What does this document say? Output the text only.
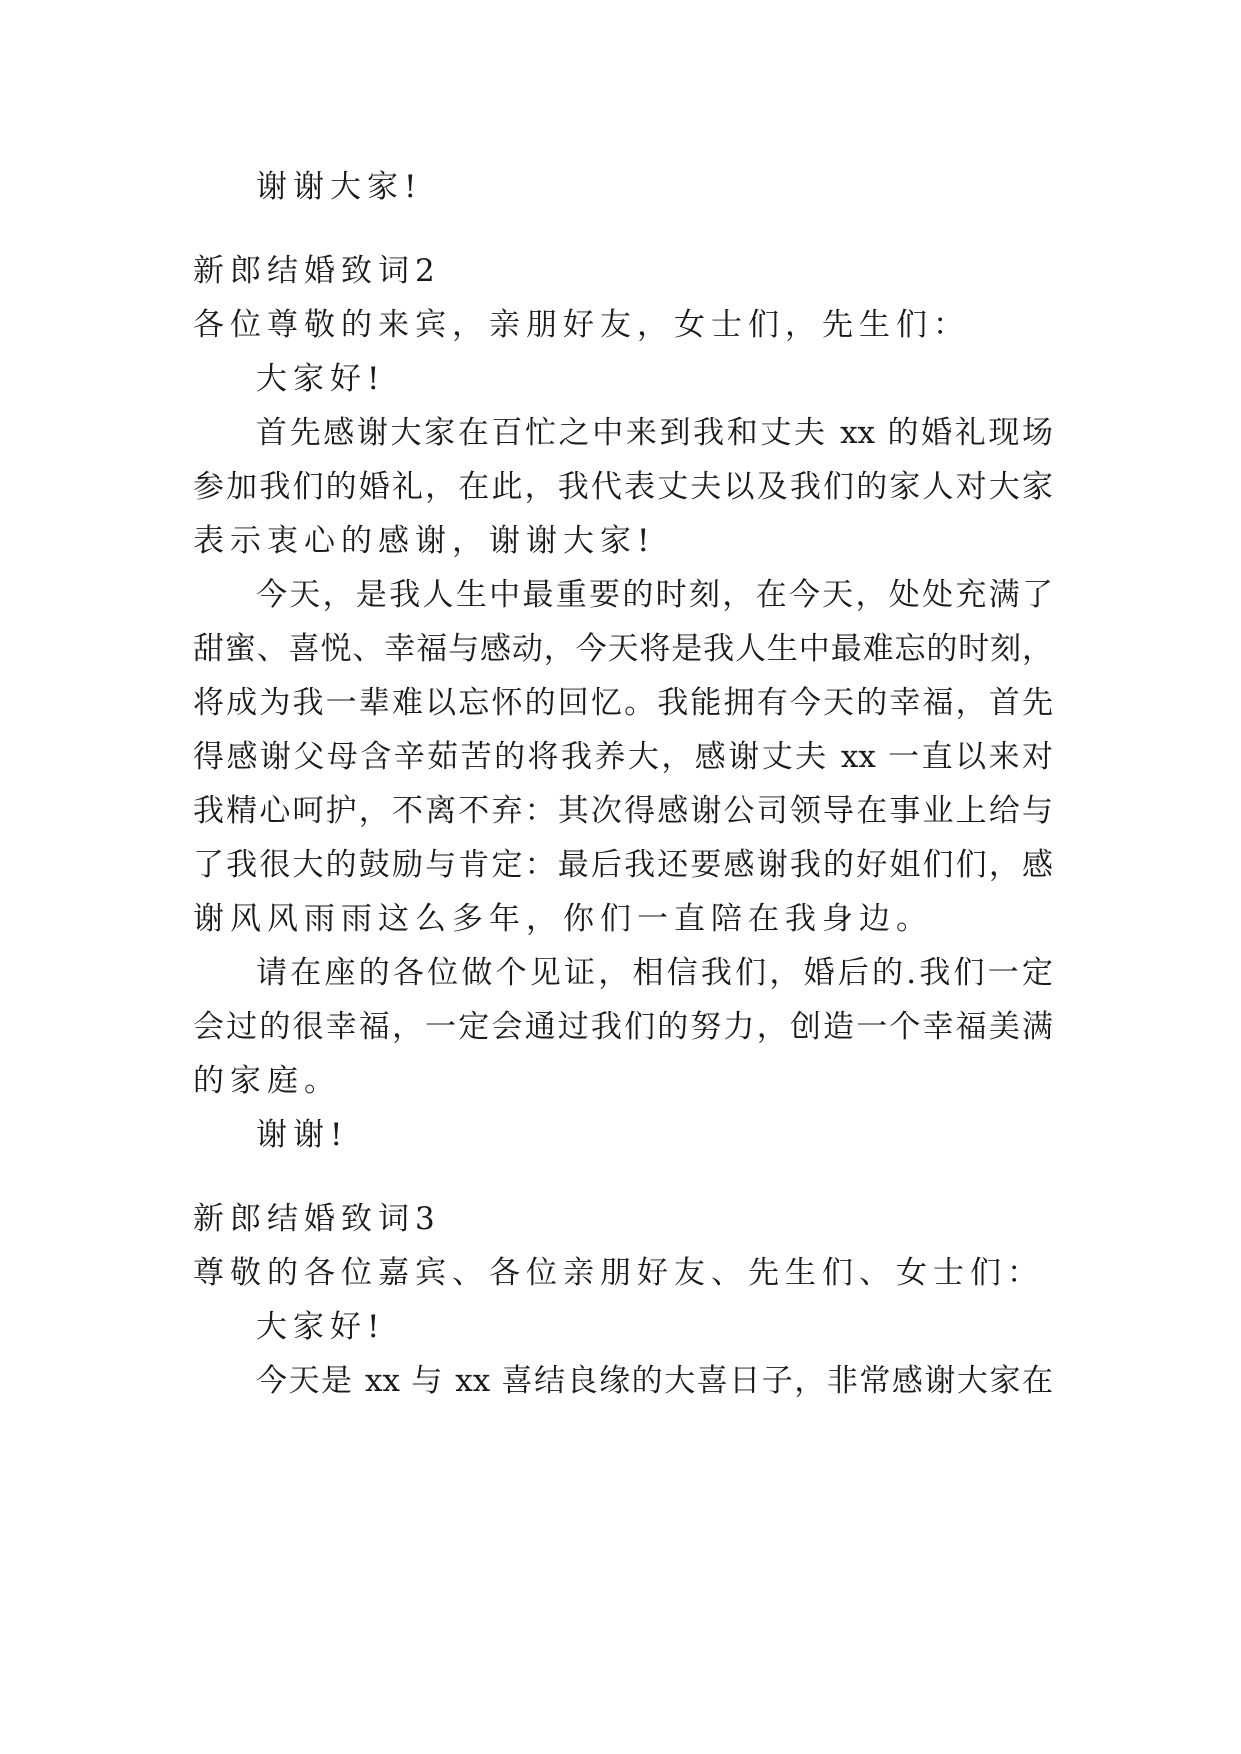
谢谢大家!
新郎结婚致词2
各位尊敬的来宾，亲朋好友，女士们，先生们：
大家好!
首先感谢大家在百忙之中来到我和丈夫 xx 的婚礼现场
参加我们的婚礼，在此，我代表丈夫以及我们的家人对大家
表示衷心的感谢，谢谢大家!
今天，是我人生中最重要的时刻，在今天，处处充满了
甜蜜、喜悦、幸福与感动，今天将是我人生中最难忘的时刻，
将成为我一辈难以忘怀的回忆。我能拥有今天的幸福，首先
得感谢父母含辛茹苦的将我养大，感谢丈夫 xx 一直以来对
我精心呵护，不离不弃：其次得感谢公司领导在事业上给与
了我很大的鼓励与肯定：最后我还要感谢我的好姐们们，感
谢风风雨雨这么多年，你们一直陪在我身边。
请在座的各位做个见证，相信我们，婚后的.我们一定
会过的很幸福，一定会通过我们的努力，创造一个幸福美满
的家庭。
谢谢!
新郎结婚致词3
尊敬的各位嘉宾、各位亲朋好友、先生们、女士们：
大家好!
今天是 xx 与 xx 喜结良缘的大喜日子，非常感谢大家在
